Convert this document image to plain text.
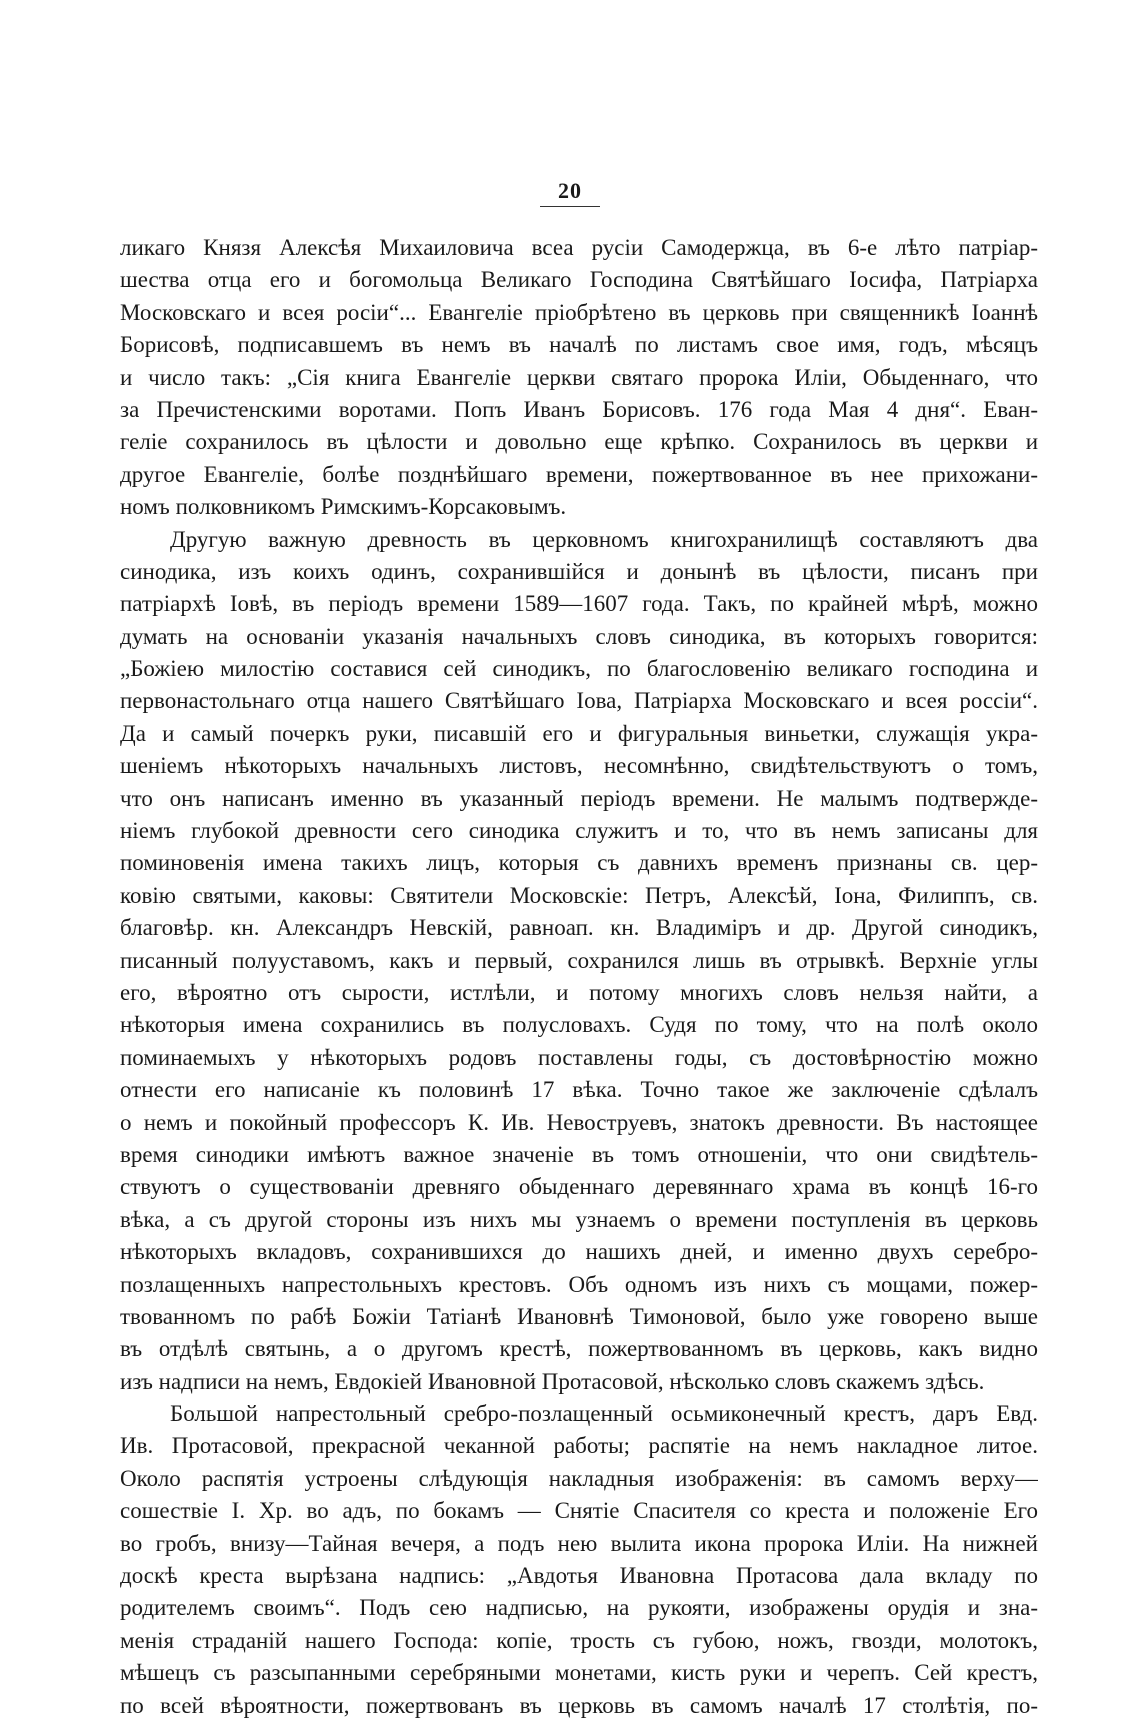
20
ликаго Князя Алексѣя Михаиловича всеа русіи Самодержца, въ 6-е лѣто патріар-
шества отца его и богомольца Великаго Господина Святѣйшаго Іосифа, Патріарха
Московскаго и всея росіи“... Евангеліе пріобрѣтено въ церковь при священникѣ Іоаннѣ
Борисовѣ, подписавшемъ въ немъ въ началѣ по листамъ свое имя, годъ, мѣсяцъ
и число такъ: „Сія книга Евангеліе церкви святаго пророка Иліи, Обыденнаго, что
за Пречистенскими воротами. Попъ Иванъ Борисовъ. 176 года Мая 4 дня“. Еван-
геліе сохранилось въ цѣлости и довольно еще крѣпко. Сохранилось въ церкви и
другое Евангеліе, болѣе позднѣйшаго времени, пожертвованное въ нее прихожани-
номъ полковникомъ Римскимъ-Корсаковымъ.
Другую важную древность въ церковномъ книгохранилищѣ составляютъ два
синодика, изъ коихъ одинъ, сохранившійся и донынѣ въ цѣлости, писанъ при
патріархѣ Іовѣ, въ періодъ времени 1589—1607 года. Такъ, по крайней мѣрѣ, можно
думать на основаніи указанія начальныхъ словъ синодика, въ которыхъ говорится:
„Божіею милостію составися сей синодикъ, по благословенію великаго господина и
первонастольнаго отца нашего Святѣйшаго Іова, Патріарха Московскаго и всея россіи“.
Да и самый почеркъ руки, писавшій его и фигуральныя виньетки, служащія укра-
шеніемъ нѣкоторыхъ начальныхъ листовъ, несомнѣнно, свидѣтельствуютъ о томъ,
что онъ написанъ именно въ указанный періодъ времени. Не малымъ подтвержде-
ніемъ глубокой древности сего синодика служитъ и то, что въ немъ записаны для
поминовенія имена такихъ лицъ, которыя съ давнихъ временъ признаны св. цер-
ковію святыми, каковы: Святители Московскіе: Петръ, Алексѣй, Іона, Филиппъ, св.
благовѣр. кн. Александръ Невскій, равноап. кн. Владиміръ и др. Другой синодикъ,
писанный полууставомъ, какъ и первый, сохранился лишь въ отрывкѣ. Верхніе углы
его, вѣроятно отъ сырости, истлѣли, и потому многихъ словъ нельзя найти, а
нѣкоторыя имена сохранились въ полусловахъ. Судя по тому, что на полѣ около
поминаемыхъ у нѣкоторыхъ родовъ поставлены годы, съ достовѣрностію можно
отнести его написаніе къ половинѣ 17 вѣка. Точно такое же заключеніе сдѣлалъ
о немъ и покойный профессоръ К. Ив. Невоструевъ, знатокъ древности. Въ настоящее
время синодики имѣютъ важное значеніе въ томъ отношеніи, что они свидѣтель-
ствуютъ о существованіи древняго обыденнаго деревяннаго храма въ концѣ 16-го
вѣка, а съ другой стороны изъ нихъ мы узнаемъ о времени поступленія въ церковь
нѣкоторыхъ вкладовъ, сохранившихся до нашихъ дней, и именно двухъ серебро-
позлащенныхъ напрестольныхъ крестовъ. Объ одномъ изъ нихъ съ мощами, пожер-
твованномъ по рабѣ Божіи Татіанѣ Ивановнѣ Тимоновой, было уже говорено выше
въ отдѣлѣ святынь, а о другомъ крестѣ, пожертвованномъ въ церковь, какъ видно
изъ надписи на немъ, Евдокіей Ивановной Протасовой, нѣсколько словъ скажемъ здѣсь.
Большой напрестольный сребро-позлащенный осьмиконечный крестъ, даръ Евд.
Ив. Протасовой, прекрасной чеканной работы; распятіе на немъ накладное литое.
Около распятія устроены слѣдующія накладныя изображенія: въ самомъ верху—
сошествіе І. Хр. во адъ, по бокамъ — Снятіе Спасителя со креста и положеніе Его
во гробъ, внизу—Тайная вечеря, а подъ нею вылита икона пророка Иліи. На нижней
доскѣ креста вырѣзана надпись: „Авдотья Ивановна Протасова дала вкладу по
родителемъ своимъ“. Подъ сею надписью, на рукояти, изображены орудія и зна-
менія страданій нашего Господа: копіе, трость съ губою, ножъ, гвозди, молотокъ,
мѣшецъ съ разсыпанными серебряными монетами, кисть руки и черепъ. Сей крестъ,
по всей вѣроятности, пожертвованъ въ церковь въ самомъ началѣ 17 столѣтія, по-
